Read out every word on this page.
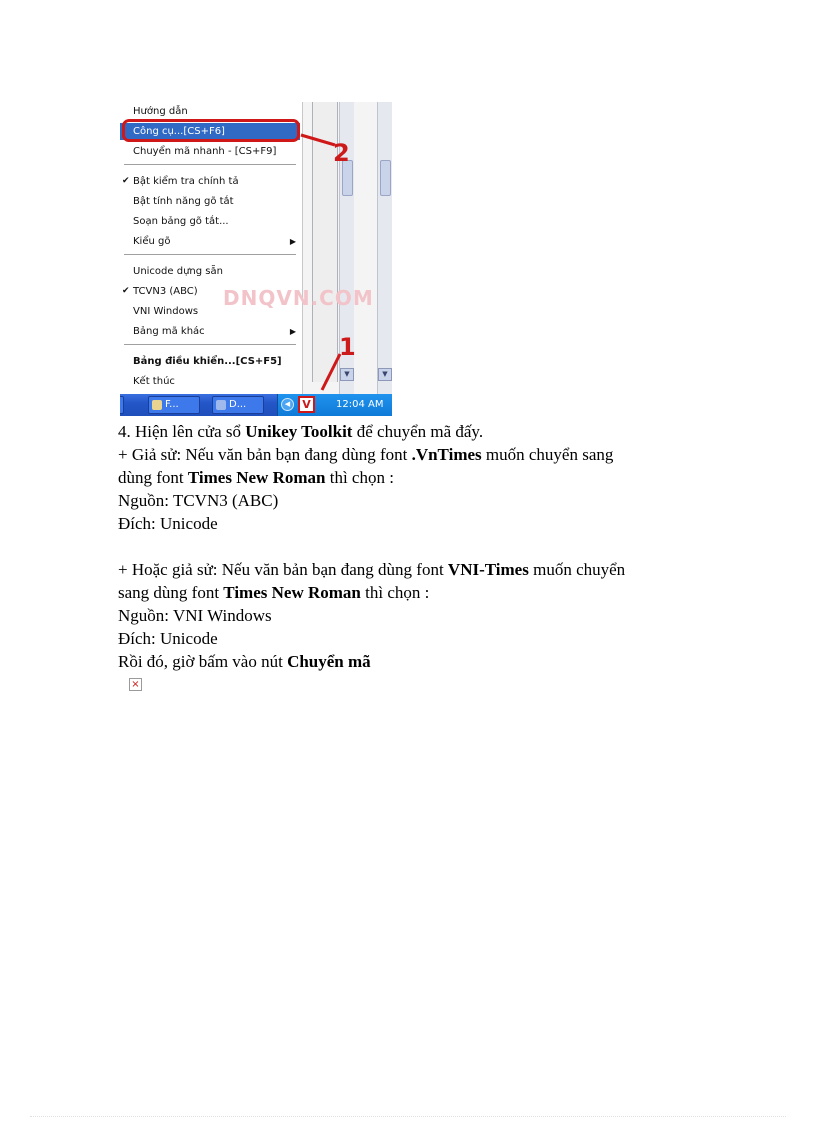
Hướng dẫn
Công cụ...[CS+F6]
Chuyển mã nhanh - [CS+F9]
✔ Bật kiểm tra chính tả
Bật tính năng gõ tắt
Soạn bảng gõ tắt...
Kiểu gõ	▶
Unicode dựng sẵn
✔ TCVN3 (ABC)
VNI Windows
Bảng mã khác	▶
Bảng điều khiển...[CS+F5]
Kết thúc
▼	▼
DNQVN.COM
2
1
F...	D...	◀	V	12:04 AM

4. Hiện lên cửa sổ Unikey Toolkit để chuyển mã đấy.

+ Giả sử: Nếu văn bản bạn đang dùng font .VnTimes muốn chuyển sang

dùng font Times New Roman thì chọn :

Nguồn: TCVN3 (ABC)

Đích: Unicode

+ Hoặc giả sử: Nếu văn bản bạn đang dùng font VNI-Times muốn chuyển

sang dùng font Times New Roman thì chọn :

Nguồn: VNI Windows

Đích: Unicode

Rồi đó, giờ bấm vào nút Chuyển mã

×
